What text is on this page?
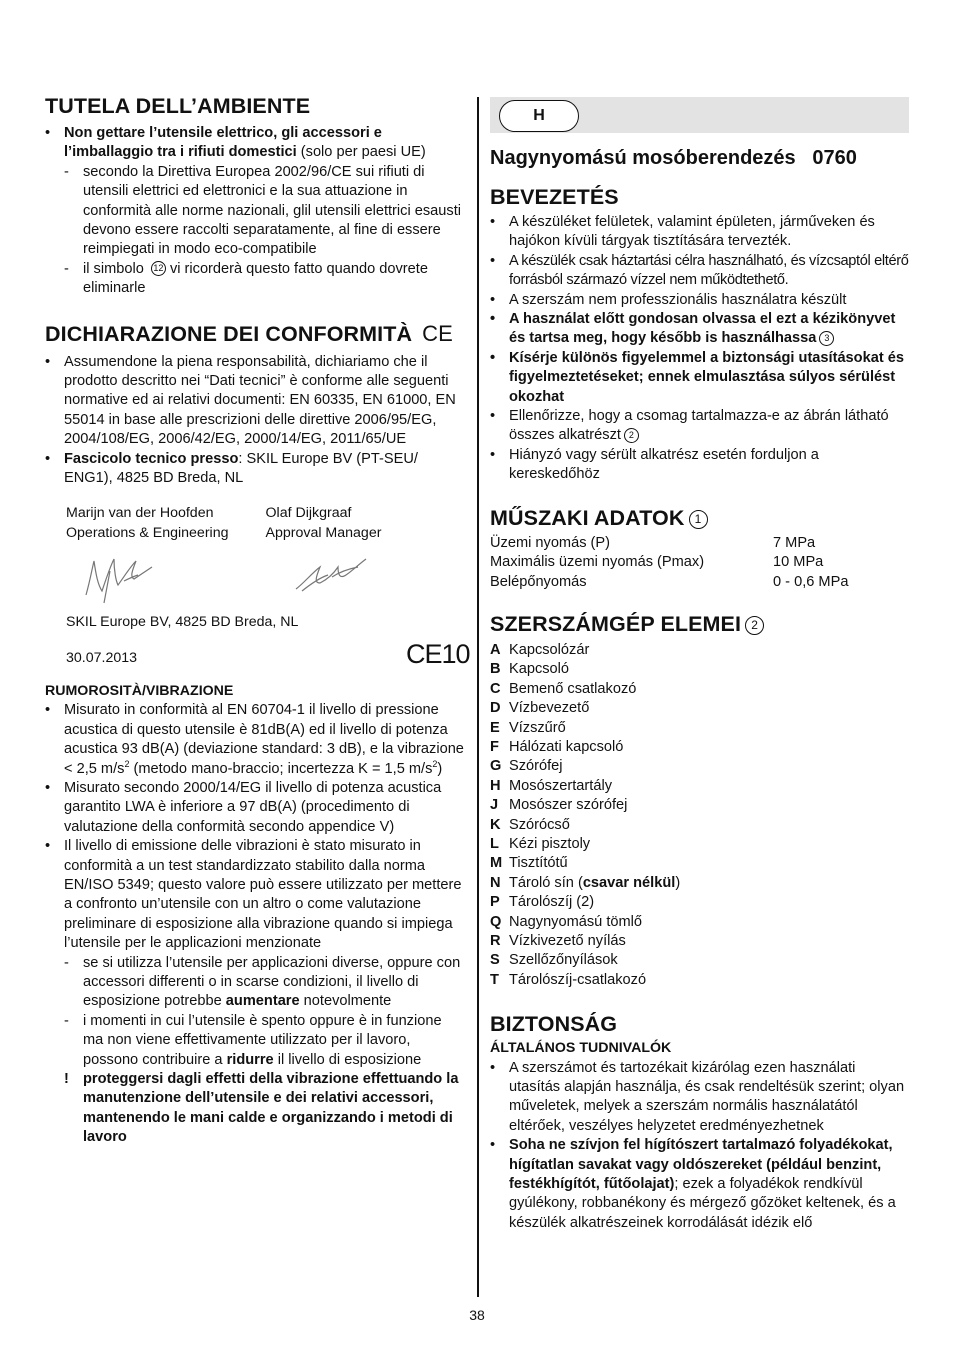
H
TUTELA DELL’AMBIENTE
• Non gettare l’utensile elettrico, gli accessori e l’imballaggio tra i rifiuti domestici (solo per paesi UE)
- secondo la Direttiva Europea 2002/96/CE sui rifiuti di utensili elettrici ed elettronici e la sua attuazione in conformità alle norme nazionali, glil utensili elettrici esausti devono essere raccolti separatamente, al fine di essere reimpiegati in modo eco-compatibile
- il simbolo 12 vi ricorderà questo fatto quando dovrete eliminarle
DICHIARAZIONE DEI CONFORMITÀ CE
• Assumendone la piena responsabilità, dichiariamo che il prodotto descritto nei “Dati tecnici” è conforme alle seguenti normative ed ai relativi documenti: EN 60335, EN 61000, EN 55014 in base alle prescrizioni delle direttive 2006/95/EG, 2004/108/EG, 2006/42/EG, 2000/14/EG, 2011/65/UE
• Fascicolo tecnico presso: SKIL Europe BV (PT-SEU/ ENG1), 4825 BD Breda, NL
Marijn van der Hoofden
Operations & Engineering
Olaf Dijkgraaf
Approval Manager
SKIL Europe BV, 4825 BD Breda, NL
30.07.2013	CE10
RUMOROSITÀ/VIBRAZIONE
• Misurato in conformità al EN 60704-1 il livello di pressione acustica di questo utensile è 81dB(A) ed il livello di potenza acustica 93 dB(A) (deviazione standard: 3 dB), e la vibrazione < 2,5 $m/s^2$ (metodo mano-braccio; incertezza K = 1,5 $m/s^2$)
• Misurato secondo 2000/14/EG il livello di potenza acustica garantito LWA è inferiore a 97 dB(A) (procedimento di valutazione della conformità secondo appendice V)
• Il livello di emissione delle vibrazioni è stato misurato in conformità a un test standardizzato stabilito dalla norma EN/ISO 5349; questo valore può essere utilizzato per mettere a confronto un’utensile con un altro o come valutazione preliminare di esposizione alla vibrazione quando si impiega l’utensile per le applicazioni menzionate
- se si utilizza l’utensile per applicazioni diverse, oppure con accessori differenti o in scarse condizioni, il livello di esposizione potrebbe aumentare notevolmente
- i momenti in cui l’utensile è spento oppure è in funzione ma non viene effettivamente utilizzato per il lavoro, possono contribuire a ridurre il livello di esposizione
! proteggersi dagli effetti della vibrazione effettuando la manutenzione dell’utensile e dei relativi accessori, mantenendo le mani calde e organizzando i metodi di lavoro
Nagynyomású mosóberendezés   0760
BEVEZETÉS
• A készüléket felületek, valamint épületen, járműveken és hajókon kívüli tárgyak tisztítására tervezték.
• A készülék csak háztartási célra használható, és vízcsaptól eltérő forrásból származó vízzel nem működtethető.
• A szerszám nem professzionális használatra készült
• A használat előtt gondosan olvassa el ezt a kézikönyvet és tartsa meg, hogy később is használhassa 3
• Kísérje különös figyelemmel a biztonsági utasításokat és figyelmeztetéseket; ennek elmulasztása súlyos sérülést okozhat
• Ellenőrizze, hogy a csomag tartalmazza-e az ábrán látható összes alkatrészt 2
• Hiányzó vagy sérült alkatrész esetén forduljon a kereskedőhöz
MŰSZAKI ADATOK 1
Üzemi nyomás (P)	7 MPa
Maximális üzemi nyomás (Pmax)	10 MPa
Belépőnyomás	0 - 0,6 MPa
SZERSZÁMGÉP ELEMEI 2
A Kapcsolózár
B Kapcsoló
C Bemenő csatlakozó
D Vízbevezető
E Vízszűrő
F Hálózati kapcsoló
G Szórófej
H Mosószertartály
J Mosószer szórófej
K Szórócső
L Kézi pisztoly
M Tisztítótű
N Tároló sín (csavar nélkül)
P Tárolószíj (2)
Q Nagynyomású tömlő
R Vízkivezető nyílás
S Szellőzőnyílások
T Tárolószíj-csatlakozó
BIZTONSÁG
ÁLTALÁNOS TUDNIVALÓK
• A szerszámot és tartozékait kizárólag ezen használati utasítás alapján használja, és csak rendeltésük szerint; olyan műveletek, melyek a szerszám normális használatától eltérőek, veszélyes helyzetet eredményezhetnek
• Soha ne szívjon fel hígítószert tartalmazó folyadékokat, hígítatlan savakat vagy oldószereket (például benzint, festékhígítót, fűtőolajat); ezek a folyadékok rendkívül gyúlékony, robbanékony és mérgező gőzöket keltenek, és a készülék alkatrészeinek korrodálását idézik elő
38
